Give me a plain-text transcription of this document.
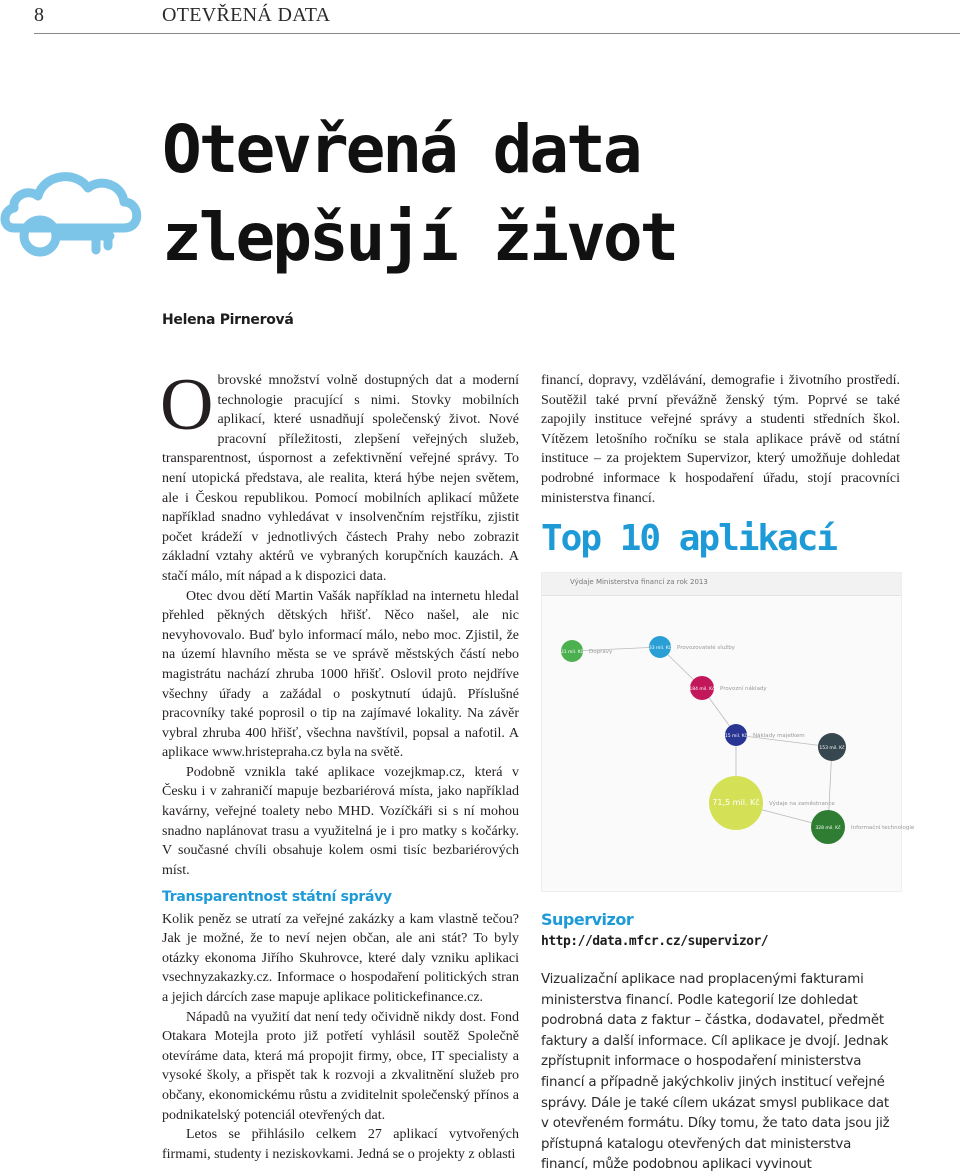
8	OTEVŘENÁ DATA
Otevřená data
zlepšují život
Helena Pirnerová
O brovské množství volně dostupných dat a moderní technologie pracující s nimi. Stovky mobilních aplikací, které usnadňují společenský život. Nové pracovní příležitosti, zlepšení veřejných služeb, transparentnost, úspornost a zefektivnění veřejné správy. To není utopická představa, ale realita, která hýbe nejen světem, ale i Českou republikou. Pomocí mobilních aplikací můžete například snadno vyhledávat v insolvenčním rejstříku, zjistit počet krádeží v jednotlivých částech Prahy nebo zobrazit základní vztahy aktérů ve vybraných korupčních kauzách. A stačí málo, mít nápad a k dispozici data.

Otec dvou dětí Martin Vašák například na internetu hledal přehled pěkných dětských hřišť. Něco našel, ale nic nevyhovovalo. Buď bylo informací málo, nebo moc. Zjistil, že na území hlavního města se ve správě městských částí nebo magistrátu nachází zhruba 1000 hřišť. Oslovil proto nejdříve všechny úřady a zažádal o poskytnutí údajů. Příslušné pracovníky také poprosil o tip na zajímavé lokality. Na závěr vybral zhruba 400 hřišť, všechna navštívil, popsal a nafotil. A aplikace www.hristepraha.cz byla na světě.

Podobně vznikla také aplikace vozejkmap.cz, která v Česku i v zahraničí mapuje bezbariérová místa, jako například kavárny, veřejné toalety nebo MHD. Vozíčkáři si s ní mohou snadno naplánovat trasu a využitelná je i pro matky s kočárky. V současné chvíli obsahuje kolem osmi tisíc bezbariérových míst.

Transparentnost státní správy

Kolik peněz se utratí za veřejné zakázky a kam vlastně tečou? Jak je možné, že to neví nejen občan, ale ani stát? To byly otázky ekonoma Jiřího Skuhrovce, které daly vzniku aplikaci vsechnyzakazky.cz. Informace o hospodaření politických stran a jejich dárcích zase mapuje aplikace politickefinance.cz.

Nápadů na využití dat není tedy očividně nikdy dost. Fond Otakara Motejla proto již potřetí vyhlásil soutěž Společně otevíráme data, která má propojit firmy, obce, IT specialisty a vysoké školy, a přispět tak k rozvoji a zkvalitnění služeb pro občany, ekonomickému růstu a zviditelnit společenský přínos a podnikatelský potenciál otevřených dat.

Letos se přihlásilo celkem 27 aplikací vytvořených firmami, studenty i neziskovkami. Jedná se o projekty z oblasti

financí, dopravy, vzdělávání, demografie i životního prostředí. Soutěžil také první převážně ženský tým. Poprvé se také zapojily instituce veřejné správy a studenti středních škol. Vítězem letošního ročníku se stala aplikace právě od státní instituce – za projektem Supervizor, který umožňuje dohledat podrobné informace k hospodaření úřadu, stojí pracovníci ministerstva financí.

Top 10 aplikací
Výdaje Ministerstva financí za rok 2013
31 mil. Kč Dopravy
33 mil. Kč Provozovatelé služby
184 mil. Kč Provozní náklady
15 mil. Kč Náklady majetkem
153 mil. Kč
71,5 mil. Kč Výdaje na zaměstnance
328 mil. Kč Informační technologie
Supervizor
http://data.mfcr.cz/supervizor/
Vizualizační aplikace nad proplacenými fakturami ministerstva financí. Podle kategorií lze dohledat podrobná data z faktur – částka, dodavatel, předmět faktury a další informace. Cíl aplikace je dvojí. Jednak zpřístupnit informace o hospodaření ministerstva financí a případně jakýchkoliv jiných institucí veřejné správy. Dále je také cílem ukázat smysl publikace dat v otevřeném formátu. Díky tomu, že tato data jsou již přístupná katalogu otevřených dat ministerstva financí, může podobnou aplikaci vyvinout
